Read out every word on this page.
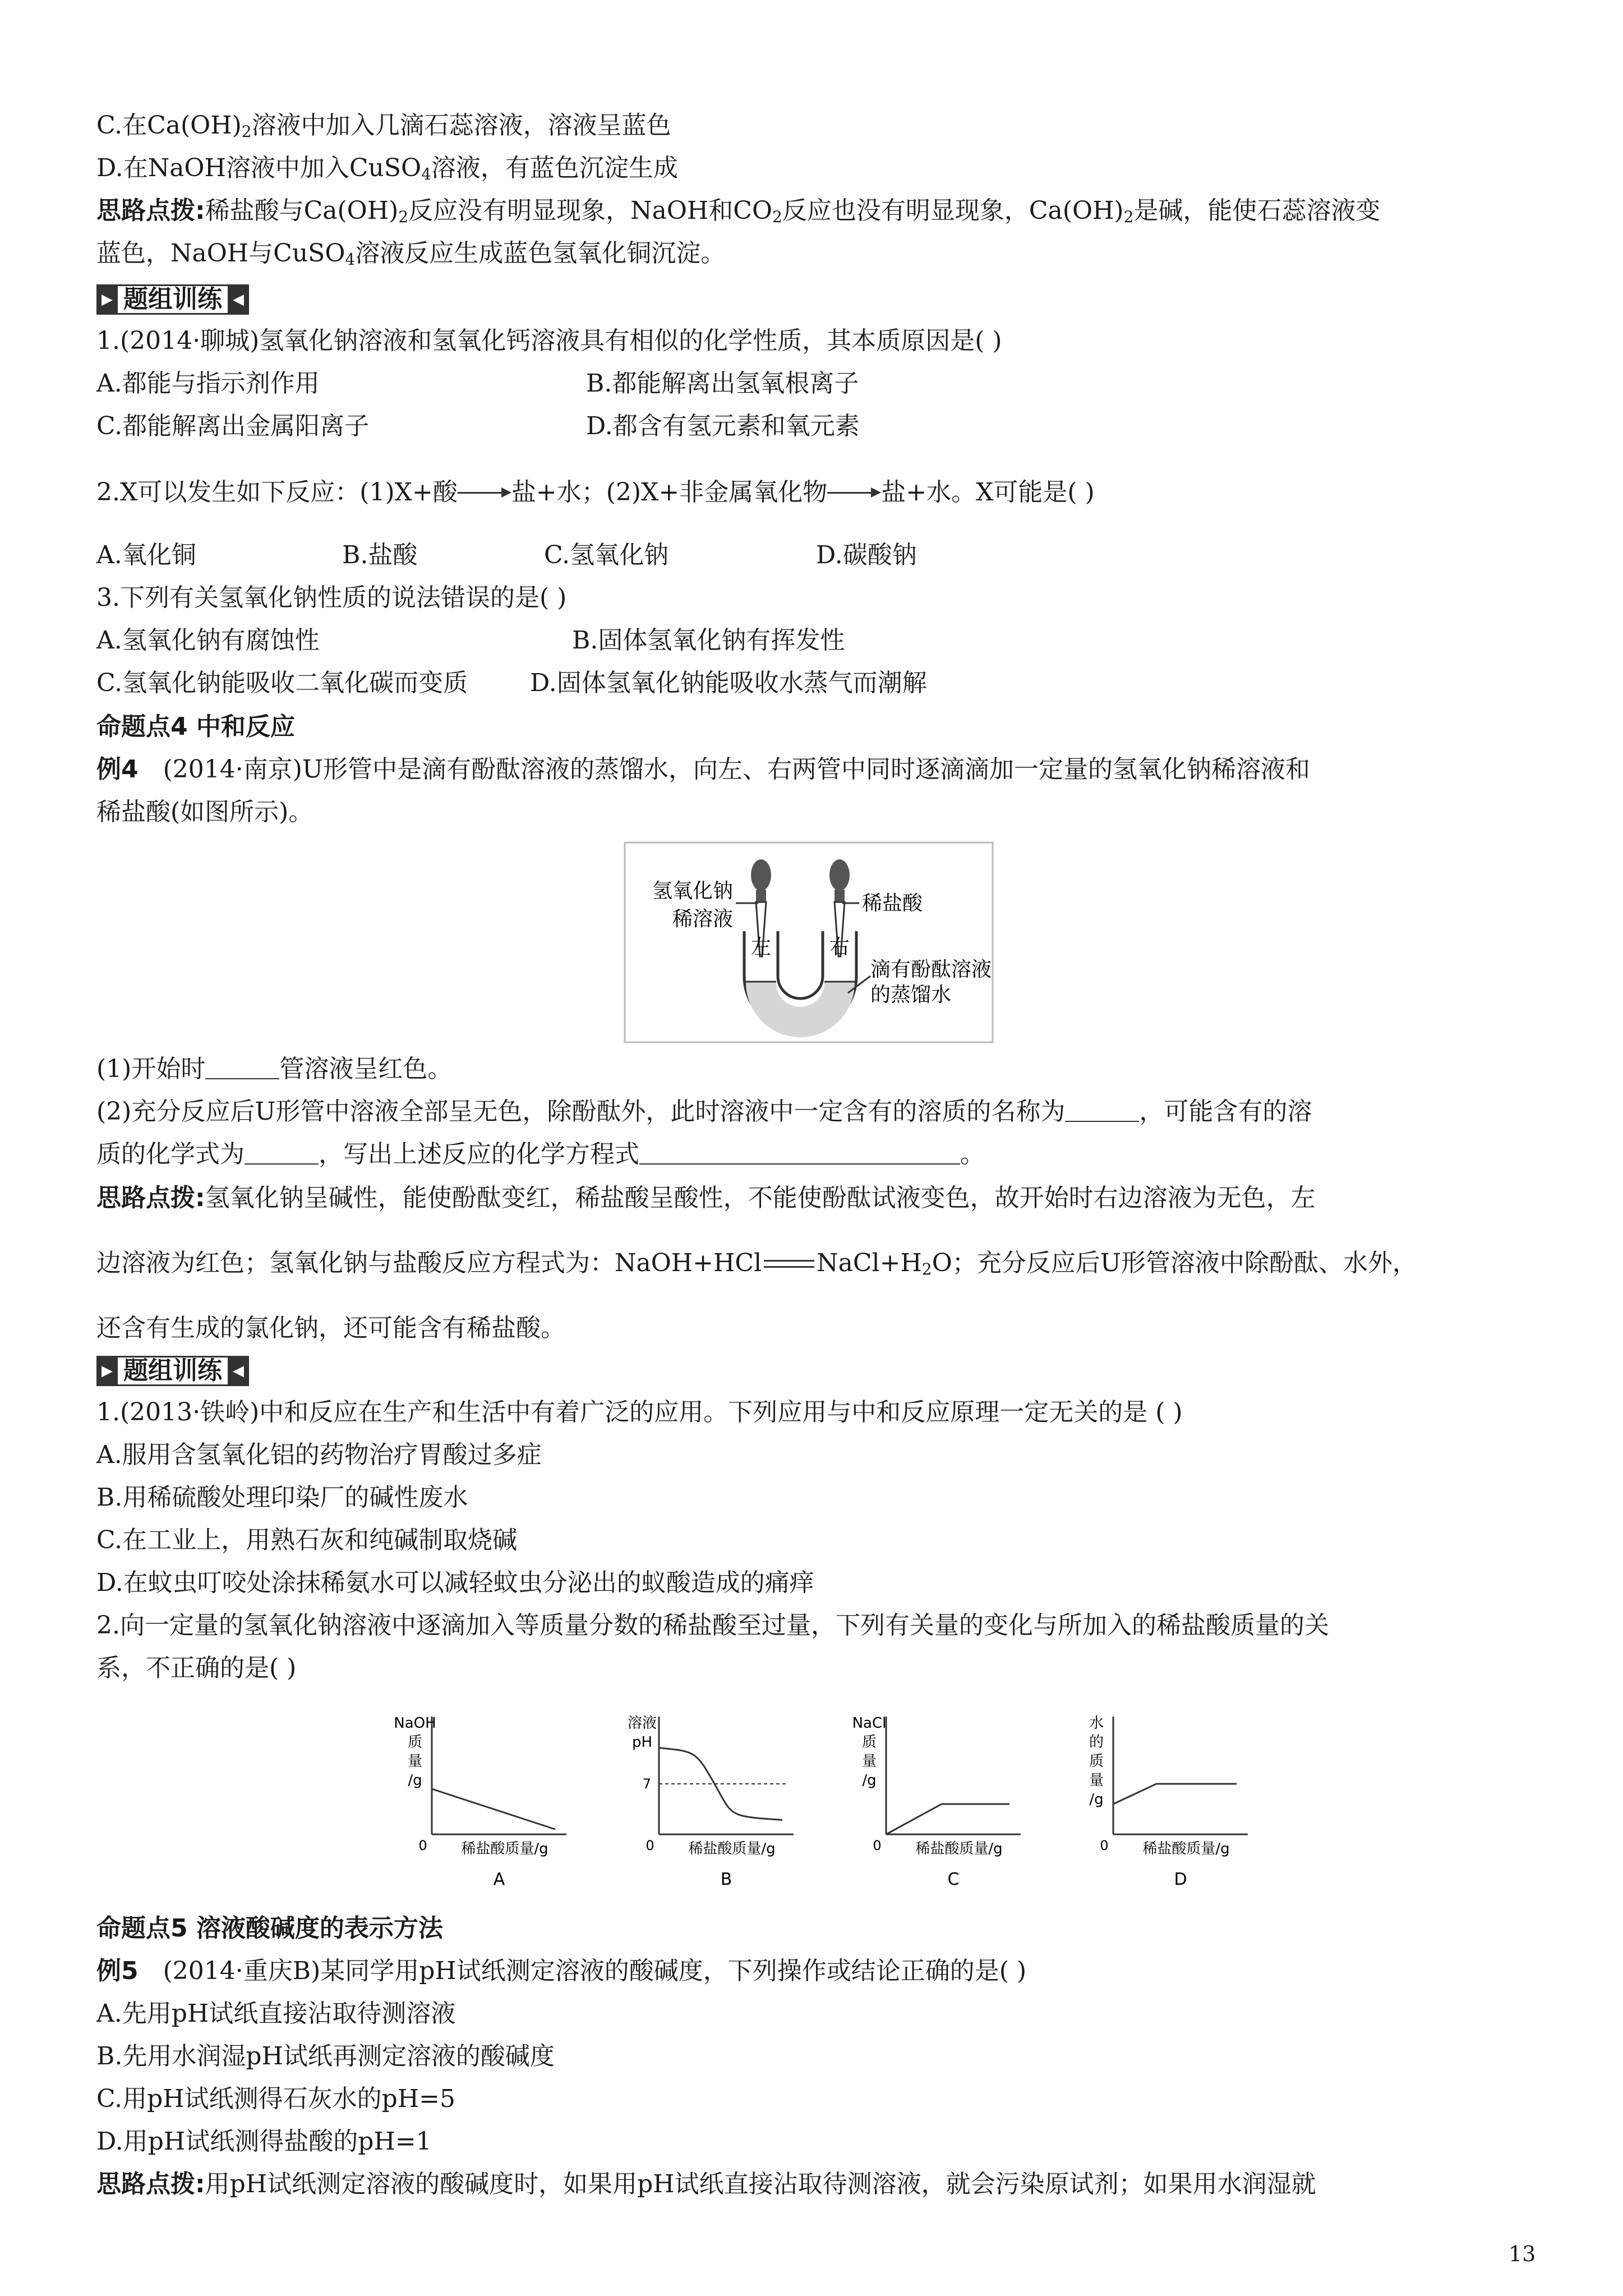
C.在$Ca(OH)_2$溶液中加入几滴石蕊溶液，溶液呈蓝色
D.在NaOH溶液中加入CuSO$_4$溶液，有蓝色沉淀生成
思路点拨:稀盐酸与$Ca(OH)_2$反应没有明显现象，NaOH和$CO_2$反应也没有明显现象，$Ca(OH)_2$是碱，能使石蕊溶液变
蓝色，NaOH与CuSO$_4$溶液反应生成蓝色氢氧化铜沉淀。
▶ 题组训练 ◀
1.(2014·聊城)氢氧化钠溶液和氢氧化钙溶液具有相似的化学性质，其本质原因是( )
A.都能与指示剂作用	B.都能解离出氢氧根离子
C.都能解离出金属阳离子	D.都含有氢元素和氧元素
2.X可以发生如下反应：(1)X+酸 盐+水；(2)X+非金属氧化物 盐+水。X可能是( )
A.氧化铜	B.盐酸	C.氢氧化钠	D.碳酸钠
3.下列有关氢氧化钠性质的说法错误的是( )
A.氢氧化钠有腐蚀性	B.固体氢氧化钠有挥发性
C.氢氧化钠能吸收二氧化碳而变质	D.固体氢氧化钠能吸收水蒸气而潮解
命题点4 中和反应
例4 (2014·南京)U形管中是滴有酚酞溶液的蒸馏水，向左、右两管中同时逐滴滴加一定量的氢氧化钠稀溶液和
稀盐酸(如图所示)。
氢氧化钠
稀溶液
稀盐酸
左	右
滴有酚酞溶液
的蒸馏水
(1)开始时	管溶液呈红色。
(2)充分反应后U形管中溶液全部呈无色，除酚酞外，此时溶液中一定含有的溶质的名称为	，可能含有的溶
质的化学式为	，写出上述反应的化学方程式	。
思路点拨:氢氧化钠呈碱性，能使酚酞变红，稀盐酸呈酸性，不能使酚酞试液变色，故开始时右边溶液为无色，左
边溶液为红色；氢氧化钠与盐酸反应方程式为：NaOH+HCl $NaCl+H_2O$；充分反应后U形管溶液中除酚酞、水外，
还含有生成的氯化钠，还可能含有稀盐酸。
▶ 题组训练 ◀
1.(2013·铁岭)中和反应在生产和生活中有着广泛的应用。下列应用与中和反应原理一定无关的是 ( )
A.服用含氢氧化铝的药物治疗胃酸过多症
B.用稀硫酸处理印染厂的碱性废水
C.在工业上，用熟石灰和纯碱制取烧碱
D.在蚊虫叮咬处涂抹稀氨水可以减轻蚊虫分泌出的蚁酸造成的痛痒
2.向一定量的氢氧化钠溶液中逐滴加入等质量分数的稀盐酸至过量，下列有关量的变化与所加入的稀盐酸质量的关
系，不正确的是( )
NaOH
质
量
/g
0 稀盐酸质量/g
A
溶液
pH
0 稀盐酸质量/g
B
7
NaCl
质
量
/g
0 稀盐酸质量/g
C
水
的
质
量
/g
0 稀盐酸质量/g
D
命题点5 溶液酸碱度的表示方法
例5 (2014·重庆B)某同学用pH试纸测定溶液的酸碱度，下列操作或结论正确的是( )
A.先用pH试纸直接沾取待测溶液
B.先用水润湿pH试纸再测定溶液的酸碱度
C.用pH试纸测得石灰水的pH=5
D.用pH试纸测得盐酸的pH=1
思路点拨:用pH试纸测定溶液的酸碱度时，如果用pH试纸直接沾取待测溶液，就会污染原试剂；如果用水润湿就
13
